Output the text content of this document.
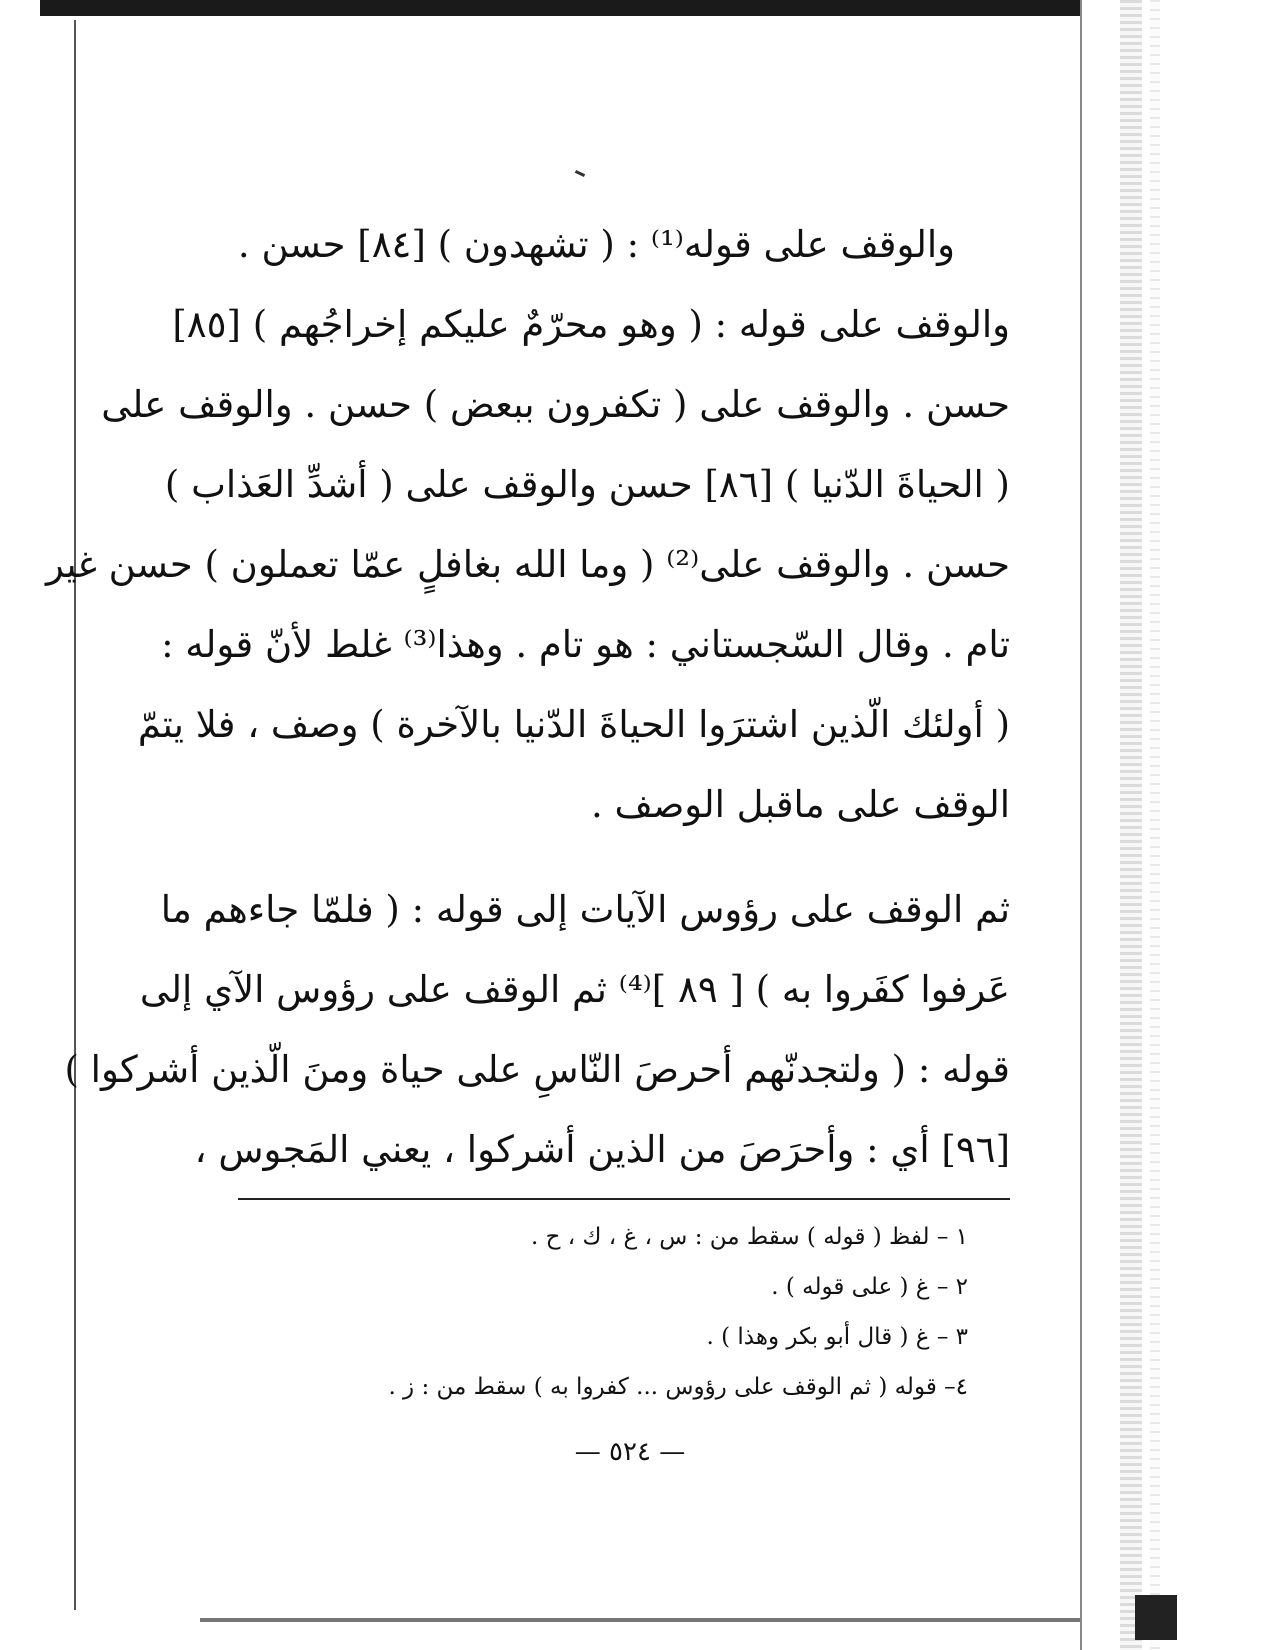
والوقف على قوله⁽¹⁾ : ( تشهدون ) [٨٤] حسن .
والوقف على قوله : ( وهو محرّمٌ عليكم إخراجُهم ) [٨٥]
حسن . والوقف على ( تكفرون ببعض ) حسن . والوقف على
( الحياةَ الدّنيا ) [٨٦] حسن والوقف على ( أشدِّ العَذاب )
حسن . والوقف على⁽²⁾ ( وما الله بغافلٍ عمّا تعملون ) حسن غير
تام . وقال السّجستاني : هو تام . وهذا⁽³⁾ غلط لأنّ قوله :
( أولئك الّذين اشترَوا الحياةَ الدّنيا بالآخرة ) وصف ، فلا يتمّ
الوقف على ماقبل الوصف .
ثم الوقف على رؤوس الآيات إلى قوله : ( فلمّا جاءهم ما
عَرفوا كفَروا به ) [ ٨٩ ]⁽⁴⁾ ثم الوقف على رؤوس الآي إلى
قوله : ( ولتجدنّهم أحرصَ النّاسِ على حياة ومنَ الّذين أشركوا )
[٩٦] أي : وأحرَصَ من الذين أشركوا ، يعني المَجوس ،
١ – لفظ ( قوله ) سقط من : س ، غ ، ك ، ح .
٢ – غ ( على قوله ) .
٣ – غ ( قال أبو بكر وهذا ) .
٤– قوله ( ثم الوقف على رؤوس ... كفروا به ) سقط من : ز .
— ٥٢٤ —
